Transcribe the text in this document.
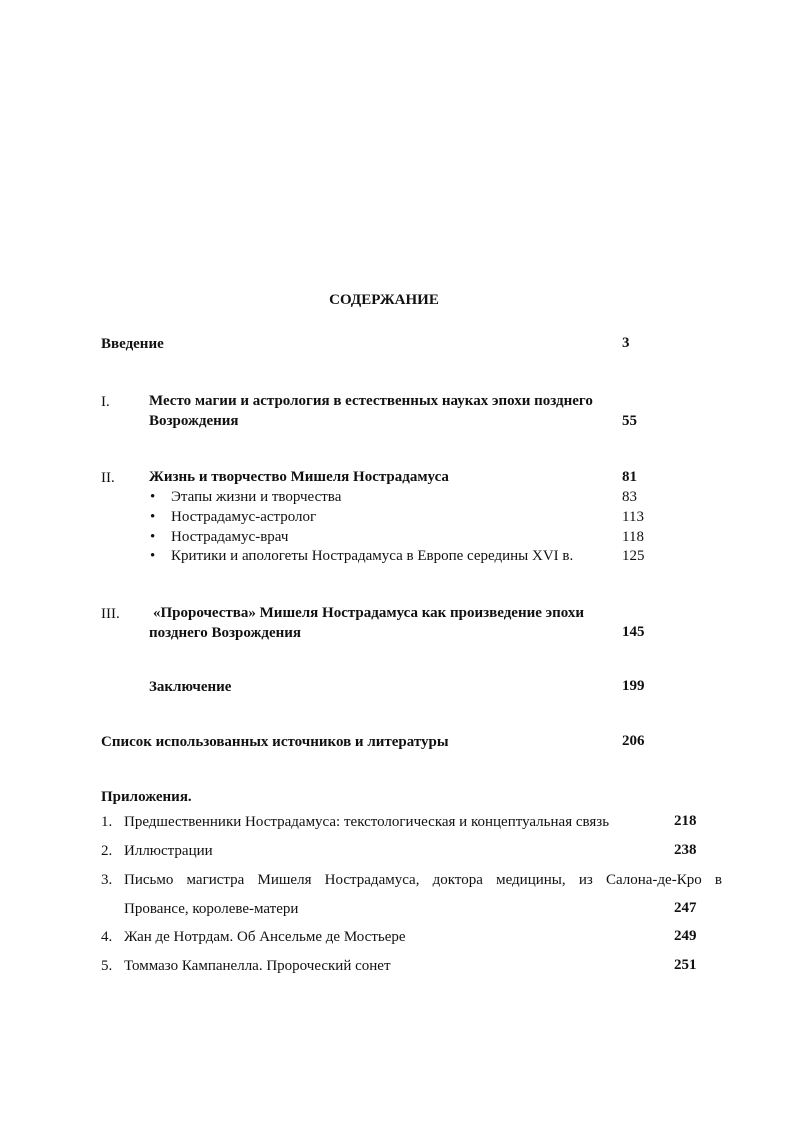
СОДЕРЖАНИЕ
Введение	3
I.	Место магии и астрология в естественных науках эпохи позднего
Возрождения	55
II. Жизнь и творчество Мишеля Нострадамуса	81
• Этапы жизни и творчества	83
• Нострадамус-астролог	113
• Нострадамус-врач	118
• Критики и апологеты Нострадамуса в Европе середины XVI в.	125
III. «Пророчества» Мишеля Нострадамуса как произведение эпохи
позднего Возрождения	145
Заключение	199
Список использованных источников и литературы	206
Приложения.
1. Предшественники Нострадамуса: текстологическая и концептуальная связь	218
2. Иллюстрации	238
3. Письмо магистра Мишеля Нострадамуса, доктора медицины, из Салона-де-Кро в
Провансе, королеве-матери	247
4. Жан де Нотрдам. Об Ансельме де Мостьере	249
5. Томмазо Кампанелла. Пророческий сонет	251
